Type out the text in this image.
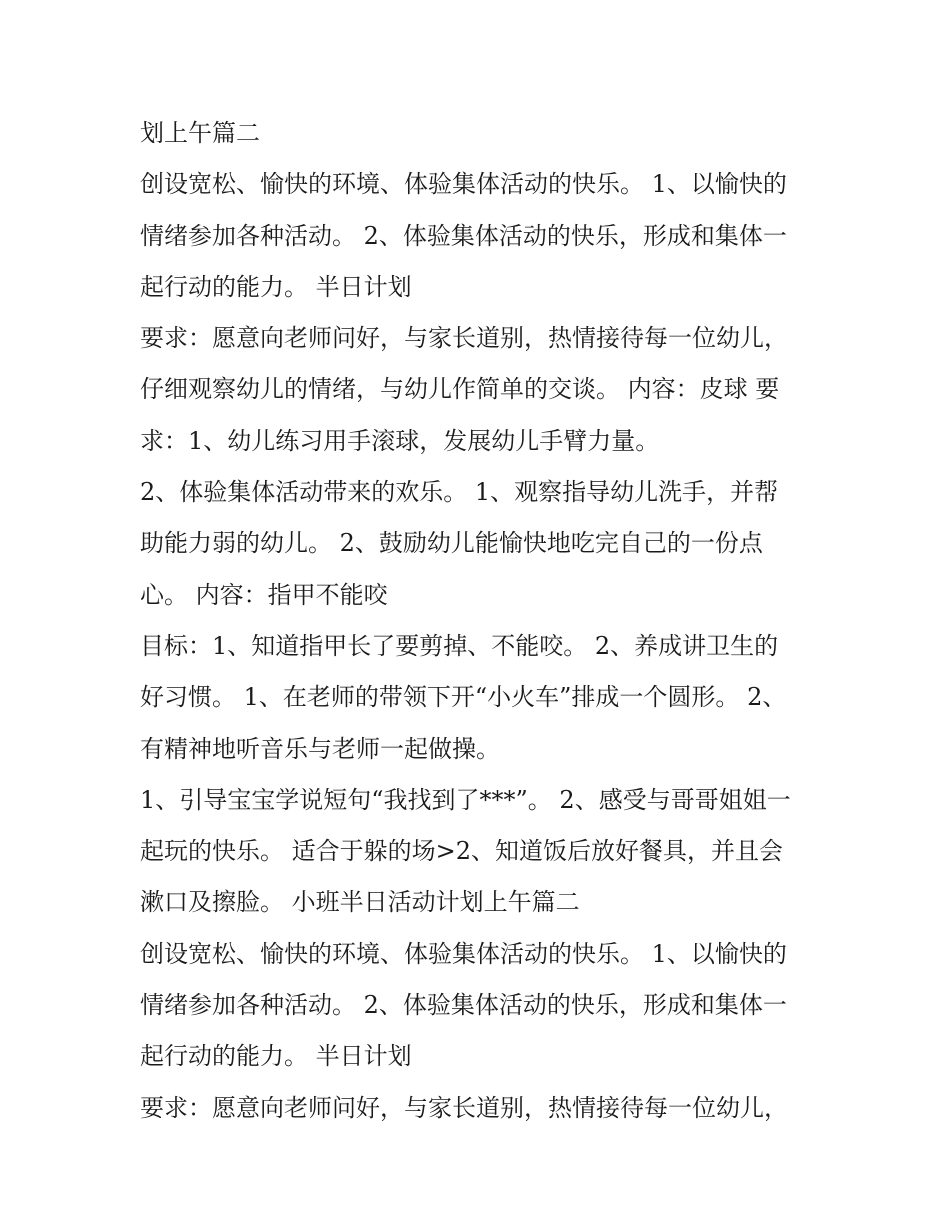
划上午篇二
创设宽松、愉快的环境、体验集体活动的快乐。 1、以愉快的
情绪参加各种活动。 2、体验集体活动的快乐，形成和集体一
起行动的能力。 半日计划
要求：愿意向老师问好，与家长道别，热情接待每一位幼儿，
仔细观察幼儿的情绪，与幼儿作简单的交谈。 内容：皮球 要
求：1、幼儿练习用手滚球，发展幼儿手臂力量。
2、体验集体活动带来的欢乐。 1、观察指导幼儿洗手，并帮
助能力弱的幼儿。 2、鼓励幼儿能愉快地吃完自己的一份点
心。 内容：指甲不能咬
目标：1、知道指甲长了要剪掉、不能咬。 2、养成讲卫生的
好习惯。 1、在老师的带领下开“小火车”排成一个圆形。 2、
有精神地听音乐与老师一起做操。
1、引导宝宝学说短句“我找到了***”。 2、感受与哥哥姐姐一
起玩的快乐。 适合于躲的场>2、知道饭后放好餐具，并且会
漱口及擦脸。 小班半日活动计划上午篇二
创设宽松、愉快的环境、体验集体活动的快乐。 1、以愉快的
情绪参加各种活动。 2、体验集体活动的快乐，形成和集体一
起行动的能力。 半日计划
要求：愿意向老师问好，与家长道别，热情接待每一位幼儿，
